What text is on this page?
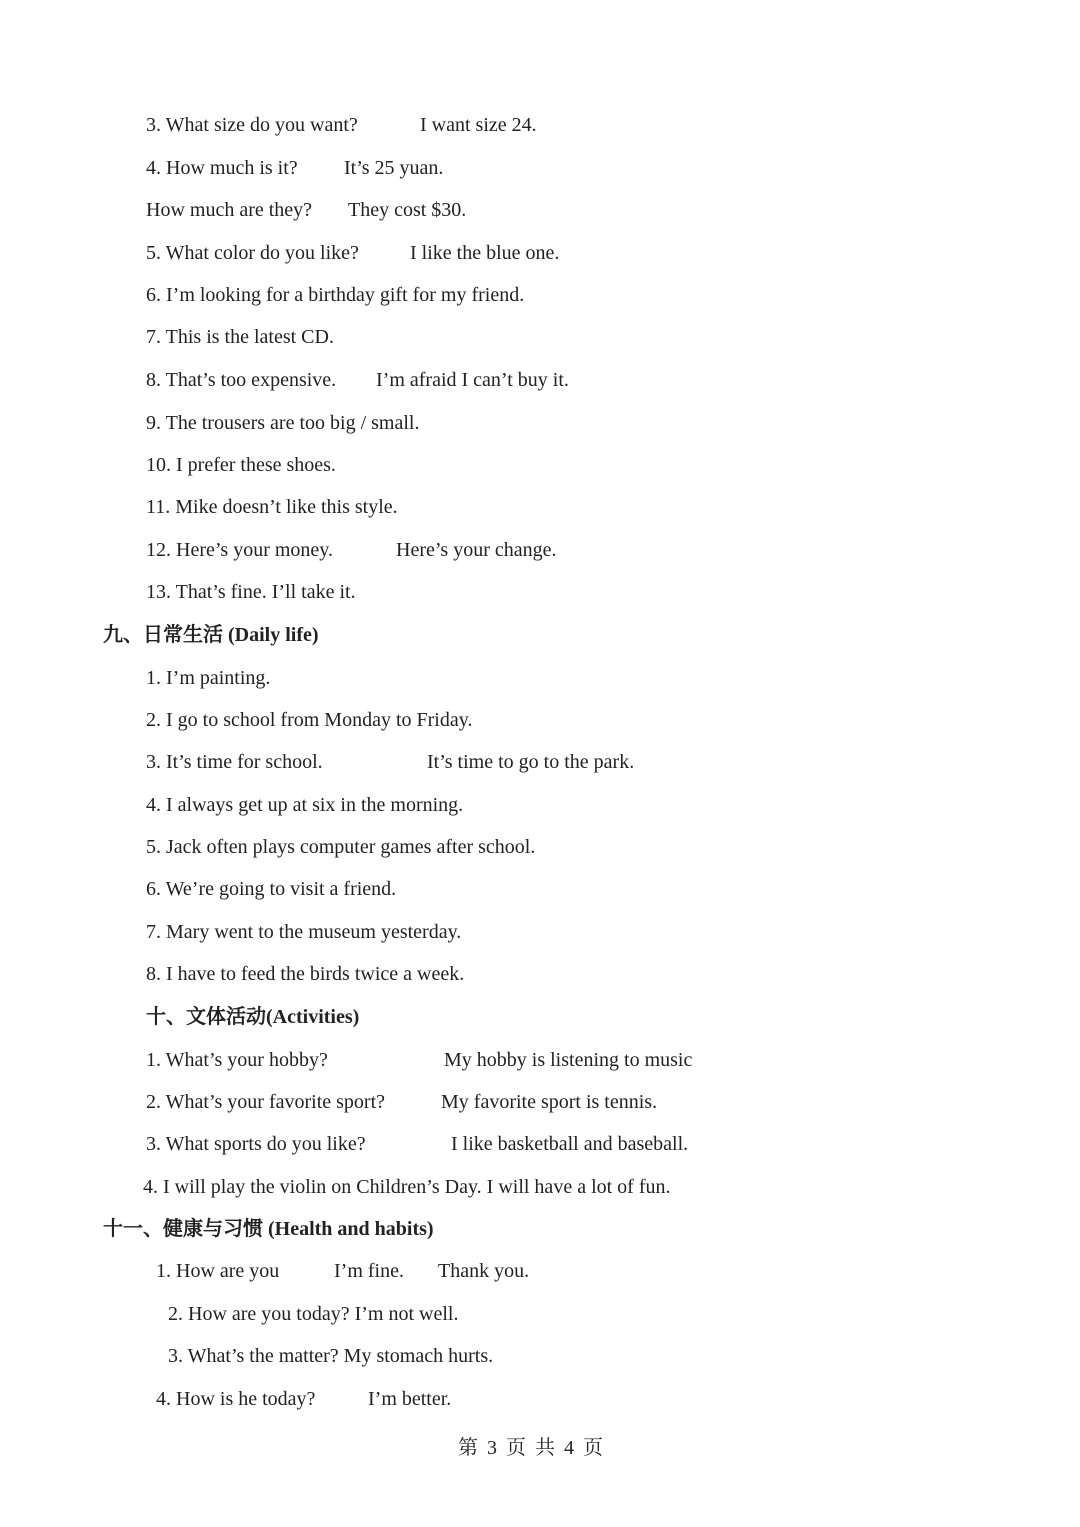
3. What size do you want?	I want size 24.
4. How much is it? It’s 25 yuan.
How much are they? They cost $30.
5. What color do you like?	I like the blue one.
6. I’m looking for a birthday gift for my friend.
7. This is the latest CD.
8. That’s too expensive. I’m afraid I can’t buy it.
9. The trousers are too big / small.
10. I prefer these shoes.
11. Mike doesn’t like this style.
12. Here’s your money.	Here’s your change.
13. That’s fine. I’ll take it.
九、日常生活 (Daily life)
1. I’m painting.
2. I go to school from Monday to Friday.
3. It’s time for school.	It’s time to go to the park.
4. I always get up at six in the morning.
5. Jack often plays computer games after school.
6. We’re going to visit a friend.
7. Mary went to the museum yesterday.
8. I have to feed the birds twice a week.
十、文体活动(Activities)
1. What’s your hobby?	My hobby is listening to music
2. What’s your favorite sport?	My favorite sport is tennis.
3. What sports do you like?	I like basketball and baseball.
4. I will play the violin on Children’s Day. I will have a lot of fun.
十一、健康与习惯 (Health and habits)
1. How are you	I’m fine. Thank you.
2. How are you today? I’m not well.
3. What’s the matter? My stomach hurts.
4. How is he today?	I’m better.
第 3 页 共 4 页
